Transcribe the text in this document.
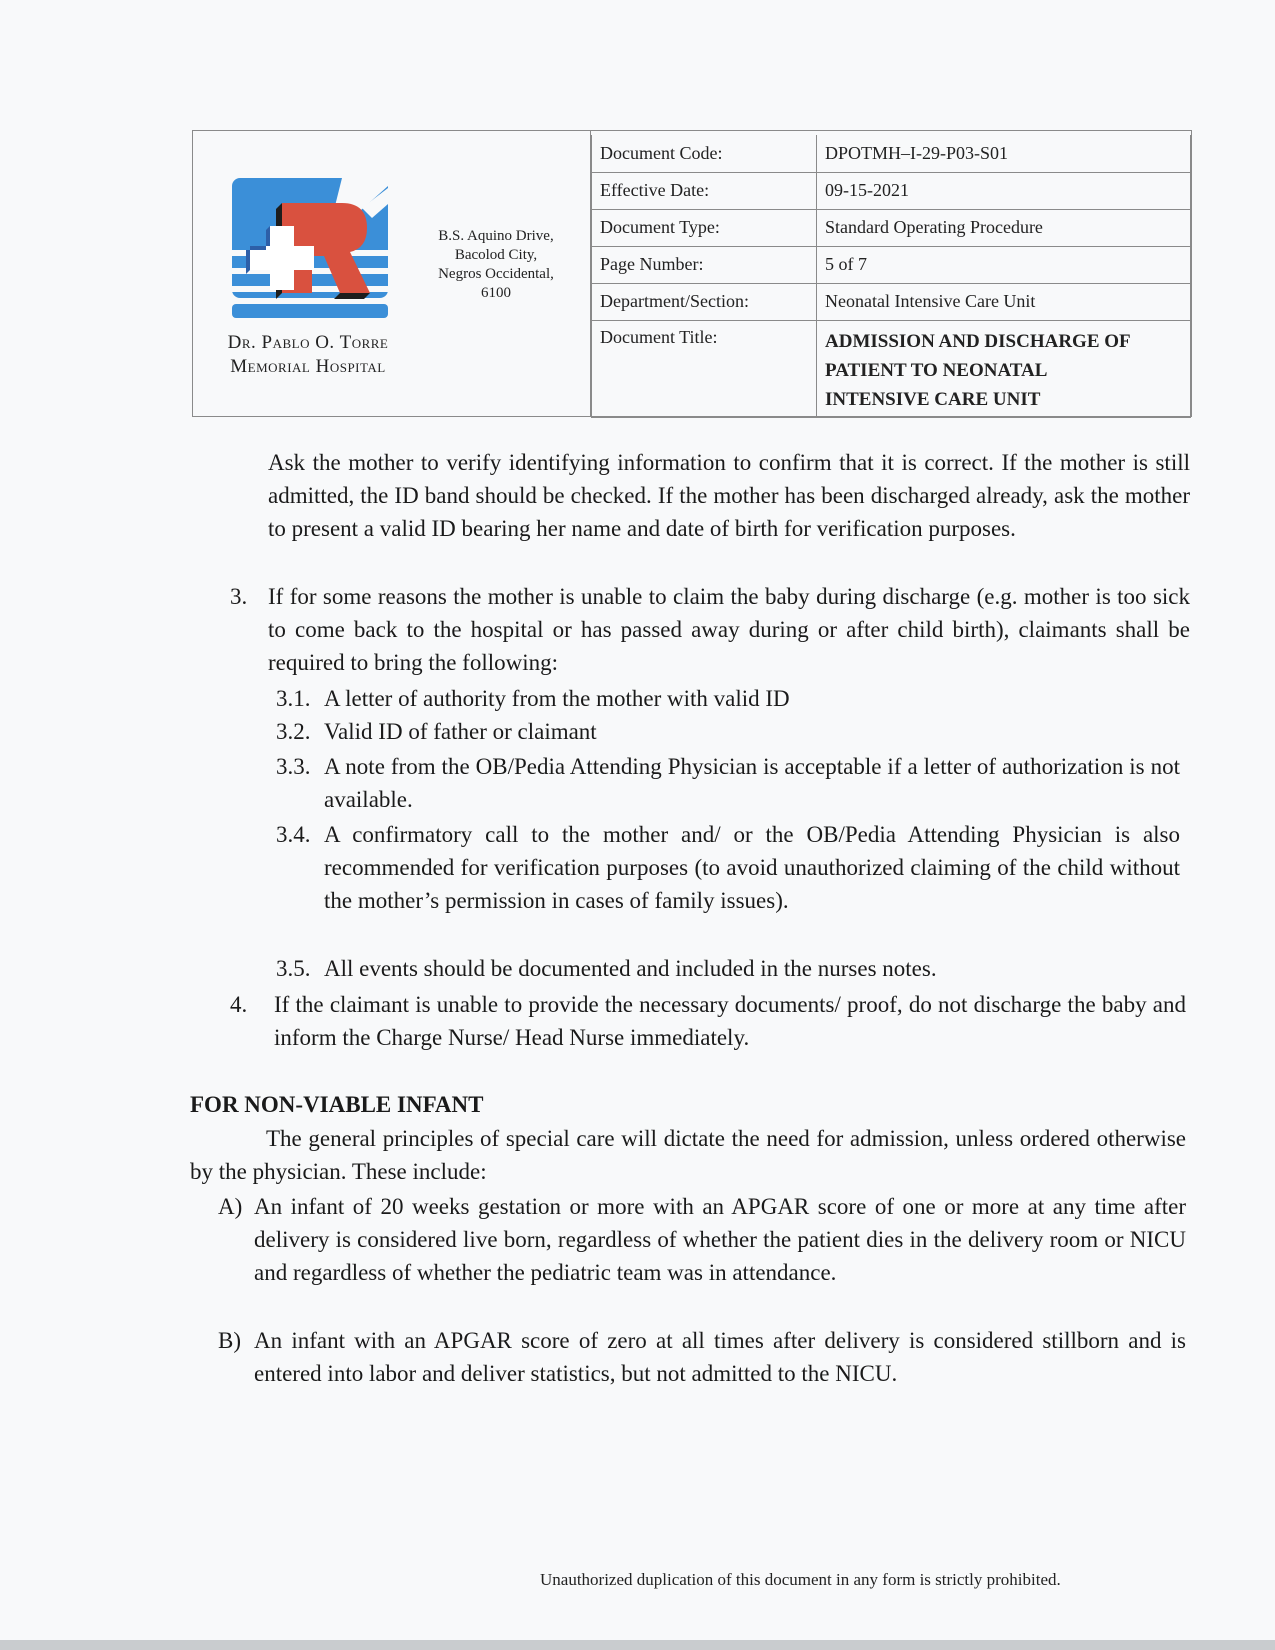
Dr. Pablo O. Torre
Memorial Hospital
B.S. Aquino Drive,
Bacolod City,
Negros Occidental,
6100
Document Code:	DPOTMH–I-29-P03-S01
Effective Date:	09-15-2021
Document Type:	Standard Operating Procedure
Page Number:	5 of 7
Department/Section:	Neonatal Intensive Care Unit
Document Title:	ADMISSION AND DISCHARGE OF
PATIENT TO NEONATAL
INTENSIVE CARE UNIT
Ask the mother to verify identifying information to confirm that it is correct. If the mother is still admitted, the ID band should be checked. If the mother has been discharged already, ask the mother to present a valid ID bearing her name and date of birth for verification purposes.
3. If for some reasons the mother is unable to claim the baby during discharge (e.g. mother is too sick to come back to the hospital or has passed away during or after child birth), claimants shall be required to bring the following:
3.1. A letter of authority from the mother with valid ID
3.2. Valid ID of father or claimant
3.3. A note from the OB/Pedia Attending Physician is acceptable if a letter of authorization is not available.
3.4. A confirmatory call to the mother and/ or the OB/Pedia Attending Physician is also recommended for verification purposes (to avoid unauthorized claiming of the child without the mother’s permission in cases of family issues).
3.5. All events should be documented and included in the nurses notes.
4. If the claimant is unable to provide the necessary documents/ proof, do not discharge the baby and inform the Charge Nurse/ Head Nurse immediately.
FOR NON-VIABLE INFANT
The general principles of special care will dictate the need for admission, unless ordered otherwise by the physician. These include:
A) An infant of 20 weeks gestation or more with an APGAR score of one or more at any time after delivery is considered live born, regardless of whether the patient dies in the delivery room or NICU and regardless of whether the pediatric team was in attendance.
B) An infant with an APGAR score of zero at all times after delivery is considered stillborn and is entered into labor and deliver statistics, but not admitted to the NICU.
Unauthorized duplication of this document in any form is strictly prohibited.
